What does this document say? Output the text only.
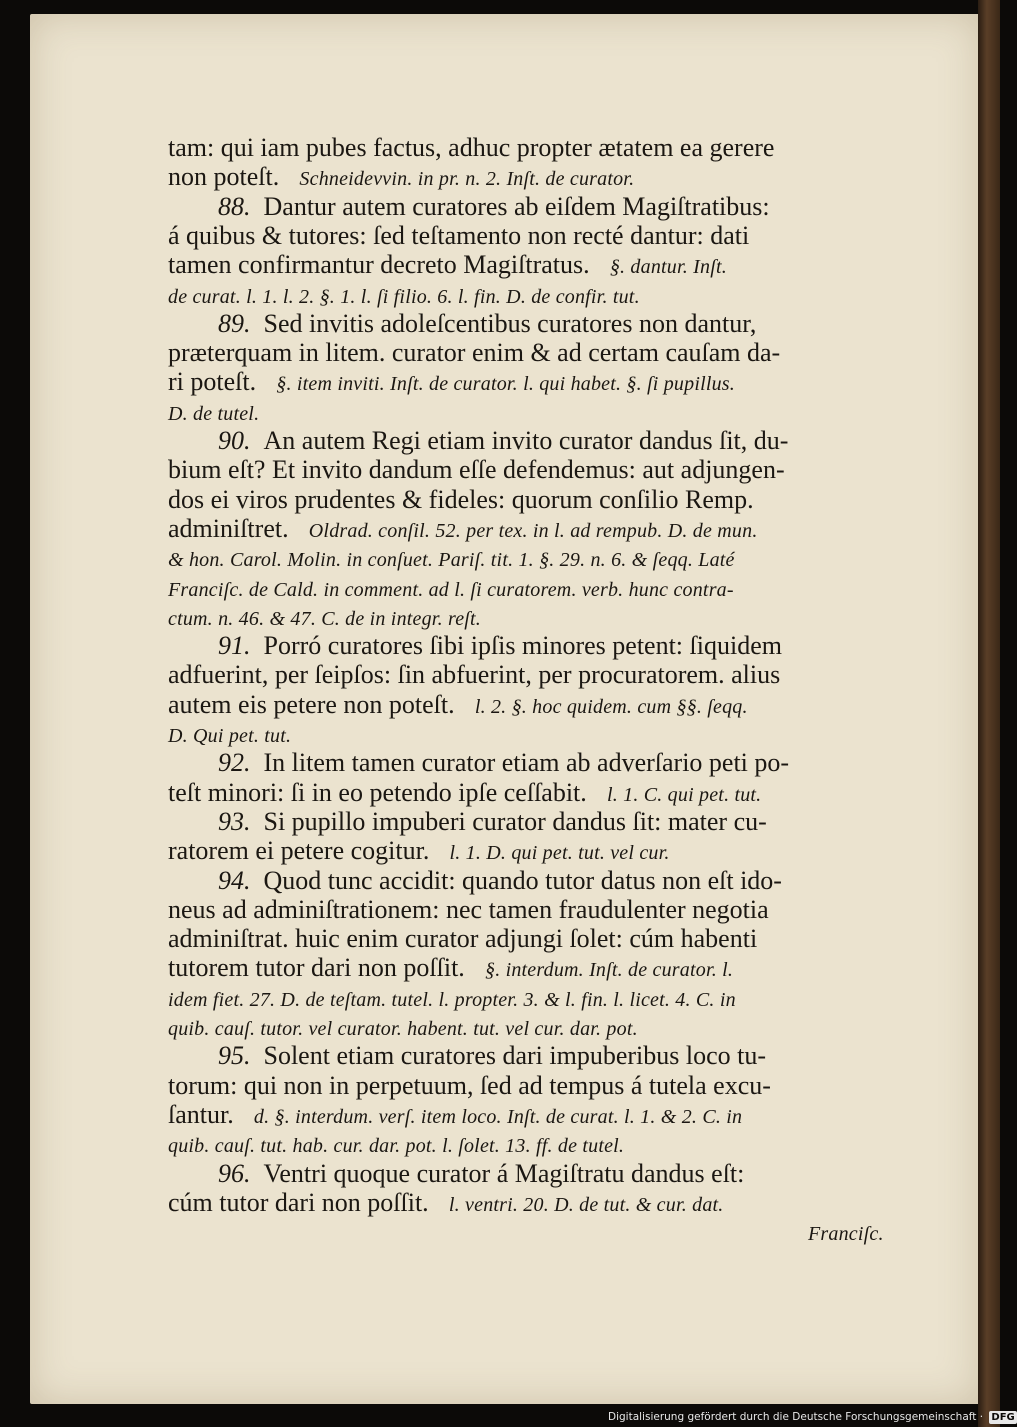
tam: qui iam pubes factus, adhuc propter ætatem ea gerere
non poteſt. Schneidevvin. in pr. n. 2. Inſt. de curator.
88. Dantur autem curatores ab eiſdem Magiſtratibus:
á quibus & tutores: ſed teſtamento non recté dantur: dati
tamen confirmantur decreto Magiſtratus. §. dantur. Inſt.
de curat. l. 1. l. 2. §. 1. l. ſi filio. 6. l. fin. D. de confir. tut.
89. Sed invitis adoleſcentibus curatores non dantur,
præterquam in litem. curator enim & ad certam cauſam da-
ri poteſt. §. item inviti. Inſt. de curator. l. qui habet. §. ſi pupillus.
D. de tutel.
90. An autem Regi etiam invito curator dandus ſit, du-
bium eſt? Et invito dandum eſſe defendemus: aut adjungen-
dos ei viros prudentes & fideles: quorum conſilio Remp.
adminiſtret. Oldrad. conſil. 52. per tex. in l. ad rempub. D. de mun.
& hon. Carol. Molin. in conſuet. Pariſ. tit. 1. §. 29. n. 6. & ſeqq. Laté
Franciſc. de Cald. in comment. ad l. ſi curatorem. verb. hunc contra-
ctum. n. 46. & 47. C. de in integr. reſt.
91. Porró curatores ſibi ipſis minores petent: ſiquidem
adfuerint, per ſeipſos: ſin abfuerint, per procuratorem. alius
autem eis petere non poteſt. l. 2. §. hoc quidem. cum §§. ſeqq.
D. Qui pet. tut.
92. In litem tamen curator etiam ab adverſario peti po-
teſt minori: ſi in eo petendo ipſe ceſſabit. l. 1. C. qui pet. tut.
93. Si pupillo impuberi curator dandus ſit: mater cu-
ratorem ei petere cogitur. l. 1. D. qui pet. tut. vel cur.
94. Quod tunc accidit: quando tutor datus non eſt ido-
neus ad adminiſtrationem: nec tamen fraudulenter negotia
adminiſtrat. huic enim curator adjungi ſolet: cúm habenti
tutorem tutor dari non poſſit. §. interdum. Inſt. de curator. l.
idem fiet. 27. D. de teſtam. tutel. l. propter. 3. & l. fin. l. licet. 4. C. in
quib. cauſ. tutor. vel curator. habent. tut. vel cur. dar. pot.
95. Solent etiam curatores dari impuberibus loco tu-
torum: qui non in perpetuum, ſed ad tempus á tutela excu-
ſantur. d. §. interdum. verſ. item loco. Inſt. de curat. l. 1. & 2. C. in
quib. cauſ. tut. hab. cur. dar. pot. l. ſolet. 13. ff. de tutel.
96. Ventri quoque curator á Magiſtratu dandus eſt:
cúm tutor dari non poſſit. l. ventri. 20. D. de tut. & cur. dat.
Franciſc.
Digitalisierung gefördert durch die Deutsche Forschungsgemeinschaft · DFG
